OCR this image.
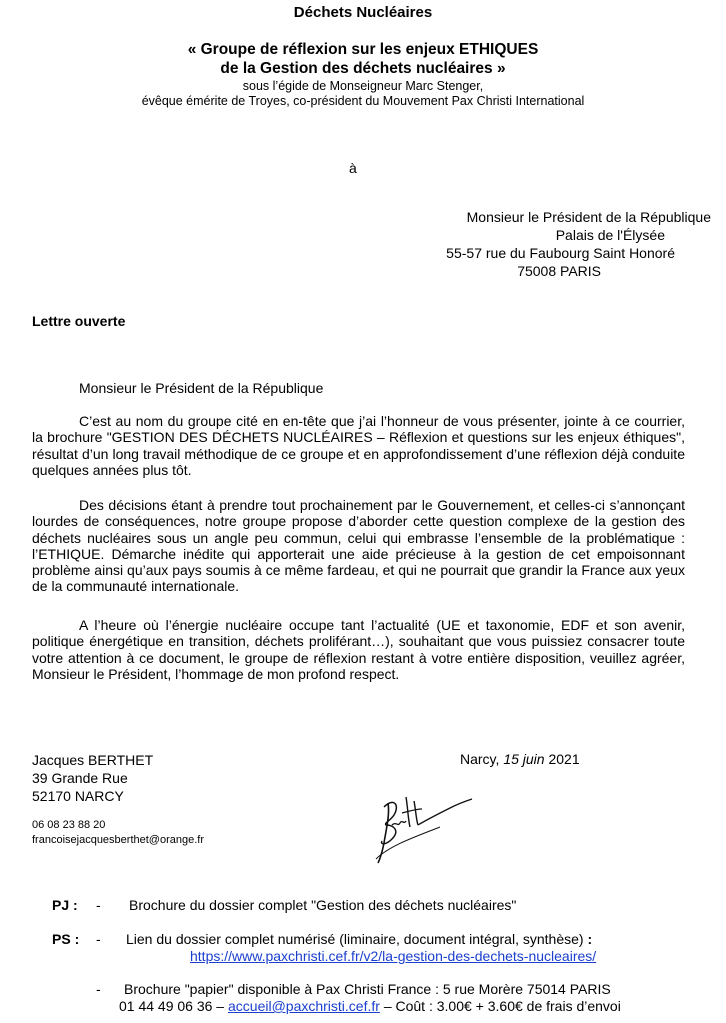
Déchets Nucléaires
« Groupe de réflexion sur les enjeux ETHIQUES
de la Gestion des déchets nucléaires »
sous l’égide de Monseigneur Marc Stenger,
évêque émérite de Troyes, co-président du Mouvement Pax Christi International
à
Monsieur le Président de la République
Palais de l'Élysée
55-57 rue du Faubourg Saint Honoré
75008 PARIS
Lettre ouverte
Monsieur le Président de la République
C’est au nom du groupe cité en en-tête que j’ai l’honneur de vous présenter, jointe à ce courrier, la brochure "GESTION DES DÉCHETS NUCLÉAIRES – Réflexion et questions sur les enjeux éthiques", résultat d’un long travail méthodique de ce groupe et en approfondissement d’une réflexion déjà conduite quelques années plus tôt.
Des décisions étant à prendre tout prochainement par le Gouvernement, et celles-ci s’annonçant lourdes de conséquences, notre groupe propose d’aborder cette question complexe de la gestion des déchets nucléaires sous un angle peu commun, celui qui embrasse l’ensemble de la problématique : l’ETHIQUE. Démarche inédite qui apporterait une aide précieuse à la gestion de cet empoisonnant problème ainsi qu’aux pays soumis à ce même fardeau, et qui ne pourrait que grandir la France aux yeux de la communauté internationale.
A l’heure où l’énergie nucléaire occupe tant l’actualité (UE et taxonomie, EDF et son avenir, politique énergétique en transition, déchets proliférant…), souhaitant que vous puissiez consacrer toute votre attention à ce document, le groupe de réflexion restant à votre entière disposition, veuillez agréer, Monsieur le Président, l’hommage de mon profond respect.
Jacques BERTHET
39 Grande Rue
52170 NARCY
06 08 23 88 20
francoisejacquesberthet@orange.fr
Narcy, 15 juin 2021
PJ : - Brochure du dossier complet "Gestion des déchets nucléaires"
PS : - Lien du dossier complet numérisé (liminaire, document intégral, synthèse) :
https://www.paxchristi.cef.fr/v2/la-gestion-des-dechets-nucleaires/
- Brochure "papier" disponible à Pax Christi France : 5 rue Morère 75014 PARIS
01 44 49 06 36 – accueil@paxchristi.cef.fr – Coût : 3.00€ + 3.60€ de frais d’envoi
